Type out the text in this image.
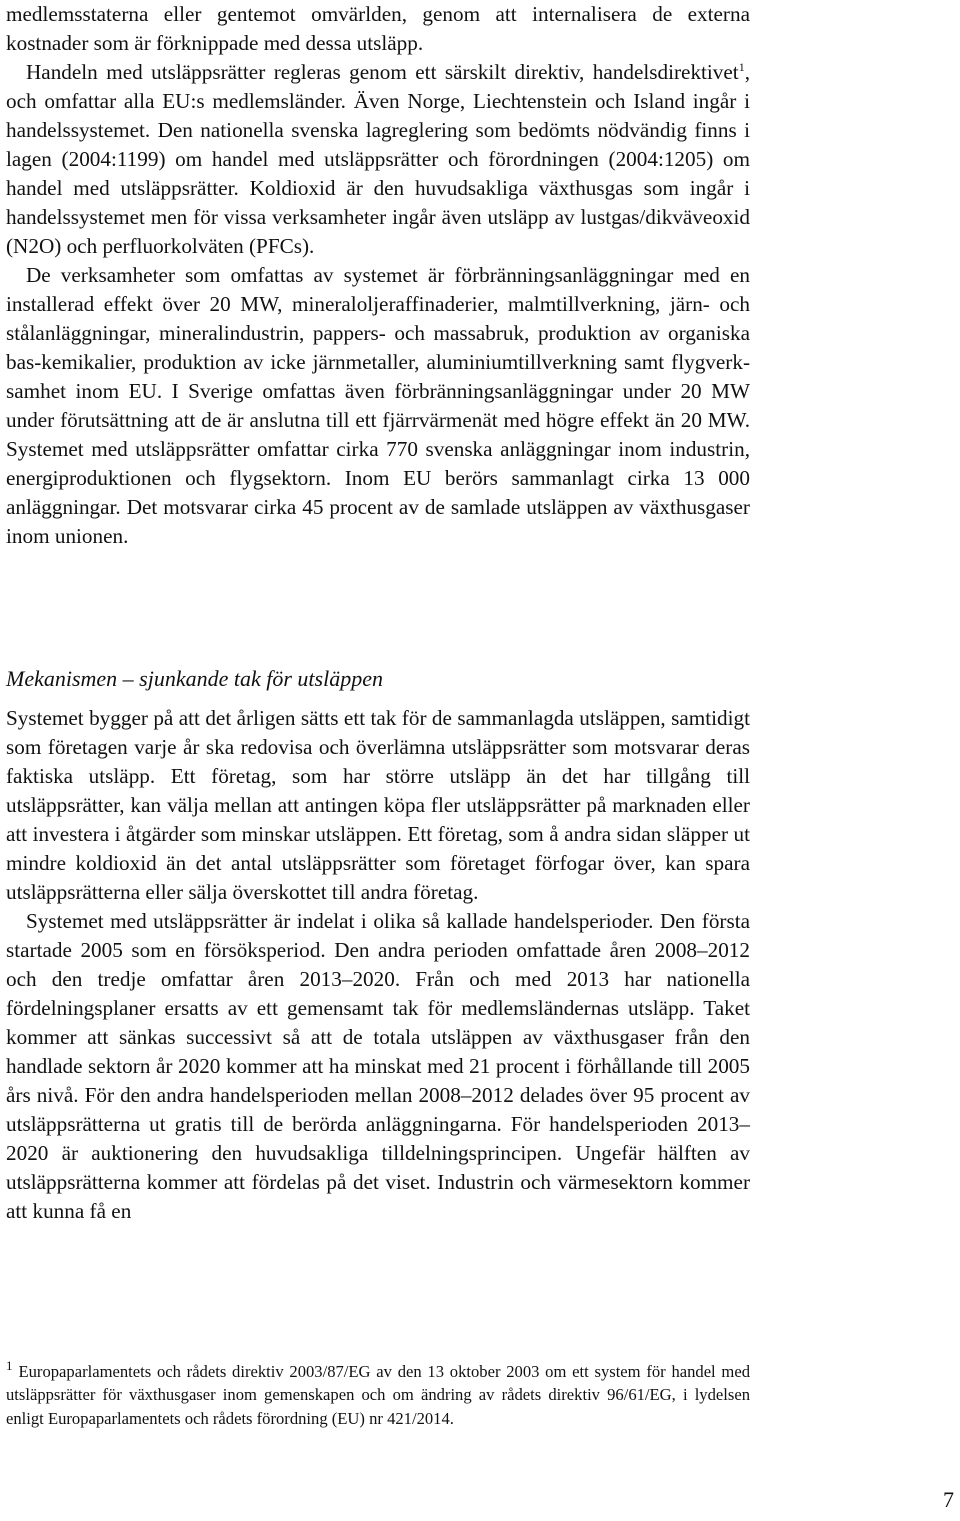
medlemsstaterna eller gentemot omvärlden, genom att internalisera de externa kostnader som är förknippade med dessa utsläpp.

Handeln med utsläppsrätter regleras genom ett särskilt direktiv, handelsdirektivet$^1$, och omfattar alla EU:s medlemsländer. Även Norge, Liechtenstein och Island ingår i handelssystemet. Den nationella svenska lagreglering som bedömts nödvändig finns i lagen (2004:1199) om handel med utsläppsrätter och förordningen (2004:1205) om handel med utsläppsrätter. Koldioxid är den huvudsakliga växthusgas som ingår i handelssystemet men för vissa verksamheter ingår även utsläpp av lustgas/dikväveoxid (N2O) och perfluorkolväten (PFCs).

De verksamheter som omfattas av systemet är förbränningsanläggningar med en installerad effekt över 20 MW, mineraloljeraffinaderier, malmtillverkning, järn- och stålanläggningar, mineralindustrin, pappers- och massabruk, produktion av organiska bas-kemikalier, produktion av icke järnmetaller, aluminiumtillverkning samt flygverksamhet inom EU. I Sverige omfattas även förbränningsanläggningar under 20 MW under förutsättning att de är anslutna till ett fjärrvärmenät med högre effekt än 20 MW. Systemet med utsläppsrätter omfattar cirka 770 svenska anläggningar inom industrin, energiproduktionen och flygsektorn. Inom EU berörs sammanlagt cirka 13 000 anläggningar. Det motsvarar cirka 45 procent av de samlade utsläppen av växthusgaser inom unionen.

Mekanismen – sjunkande tak för utsläppen

Systemet bygger på att det årligen sätts ett tak för de sammanlagda utsläppen, samtidigt som företagen varje år ska redovisa och överlämna utsläppsrätter som motsvarar deras faktiska utsläpp. Ett företag, som har större utsläpp än det har tillgång till utsläppsrätter, kan välja mellan att antingen köpa fler utsläppsrätter på marknaden eller att investera i åtgärder som minskar utsläppen. Ett företag, som å andra sidan släpper ut mindre koldioxid än det antal utsläppsrätter som företaget förfogar över, kan spara utsläppsrätterna eller sälja överskottet till andra företag.

Systemet med utsläppsrätter är indelat i olika så kallade handelsperioder. Den första startade 2005 som en försöksperiod. Den andra perioden omfattade åren 2008–2012 och den tredje omfattar åren 2013–2020. Från och med 2013 har nationella fördelningsplaner ersatts av ett gemensamt tak för medlemsländernas utsläpp. Taket kommer att sänkas successivt så att de totala utsläppen av växthusgaser från den handlade sektorn år 2020 kommer att ha minskat med 21 procent i förhållande till 2005 års nivå. För den andra handelsperioden mellan 2008–2012 delades över 95 procent av utsläppsrätterna ut gratis till de berörda anläggningarna. För handelsperioden 2013–2020 är auktionering den huvudsakliga tilldelningsprincipen. Ungefär hälften av utsläppsrätterna kommer att fördelas på det viset. Industrin och värmesektorn kommer att kunna få en

$^1$ Europaparlamentets och rådets direktiv 2003/87/EG av den 13 oktober 2003 om ett system för handel med utsläppsrätter för växthusgaser inom gemenskapen och om ändring av rådets direktiv 96/61/EG, i lydelsen enligt Europaparlamentets och rådets förordning (EU) nr 421/2014.

7
